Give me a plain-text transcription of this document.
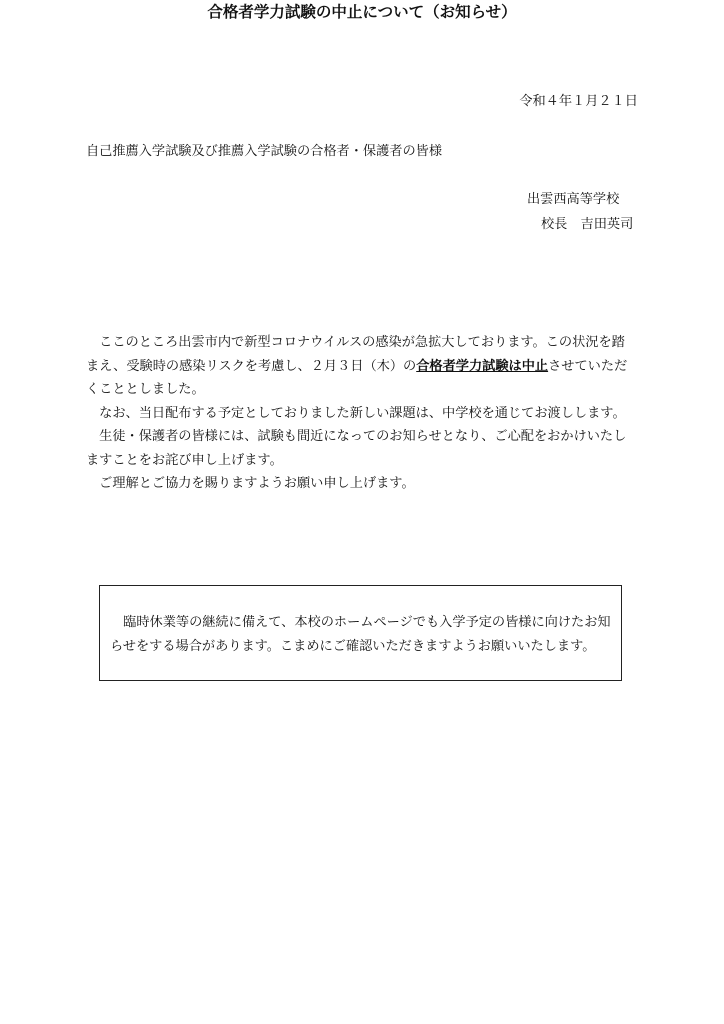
令和４年１月２１日
自己推薦入学試験及び推薦入学試験の合格者・保護者の皆様
出雲西高等学校
校長　吉田英司
合格者学力試験の中止について（お知らせ）
　ここのところ出雲市内で新型コロナウイルスの感染が急拡大しております。この状況を踏
まえ、受験時の感染リスクを考慮し、２月３日（木）の合格者学力試験は中止させていただ
くこととしました。
　なお、当日配布する予定としておりました新しい課題は、中学校を通じてお渡しします。
　生徒・保護者の皆様には、試験も間近になってのお知らせとなり、ご心配をおかけいたし
ますことをお詫び申し上げます。
　ご理解とご協力を賜りますようお願い申し上げます。
　臨時休業等の継続に備えて、本校のホームページでも入学予定の皆様に向けたお知
らせをする場合があります。こまめにご確認いただきますようお願いいたします。
